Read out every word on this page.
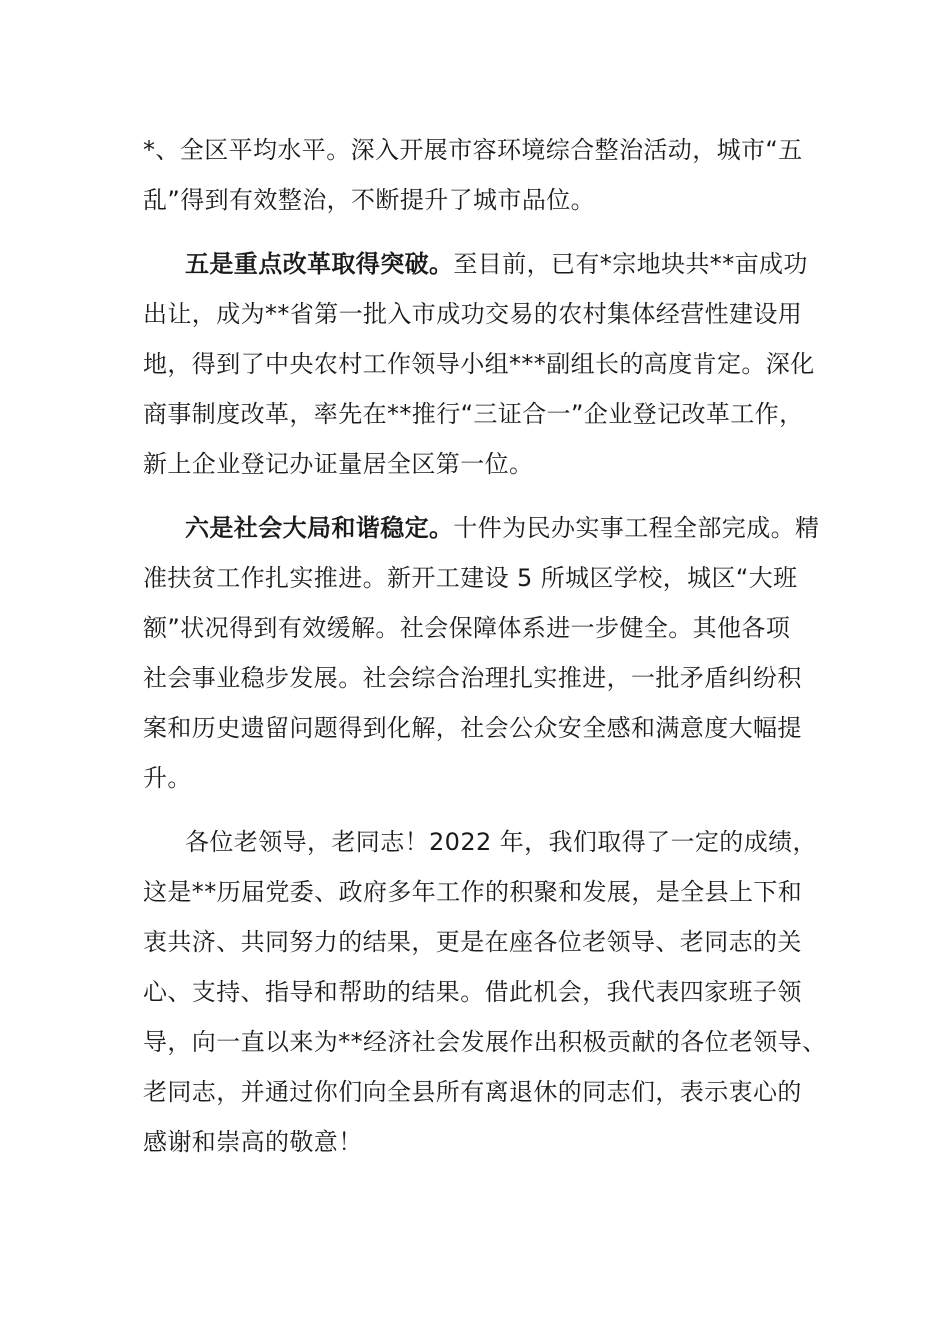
*、全区平均水平。深入开展市容环境综合整治活动，城市“五
乱”得到有效整治，不断提升了城市品位。
五是重点改革取得突破。至目前，已有*宗地块共**亩成功
出让，成为**省第一批入市成功交易的农村集体经营性建设用
地，得到了中央农村工作领导小组***副组长的高度肯定。深化
商事制度改革，率先在**推行“三证合一”企业登记改革工作，
新上企业登记办证量居全区第一位。
六是社会大局和谐稳定。十件为民办实事工程全部完成。精
准扶贫工作扎实推进。新开工建设 5 所城区学校，城区“大班
额”状况得到有效缓解。社会保障体系进一步健全。其他各项
社会事业稳步发展。社会综合治理扎实推进，一批矛盾纠纷积
案和历史遗留问题得到化解，社会公众安全感和满意度大幅提
升。
各位老领导，老同志！2022 年，我们取得了一定的成绩，
这是**历届党委、政府多年工作的积聚和发展，是全县上下和
衷共济、共同努力的结果，更是在座各位老领导、老同志的关
心、支持、指导和帮助的结果。借此机会，我代表四家班子领
导，向一直以来为**经济社会发展作出积极贡献的各位老领导、
老同志，并通过你们向全县所有离退休的同志们，表示衷心的
感谢和崇高的敬意！
